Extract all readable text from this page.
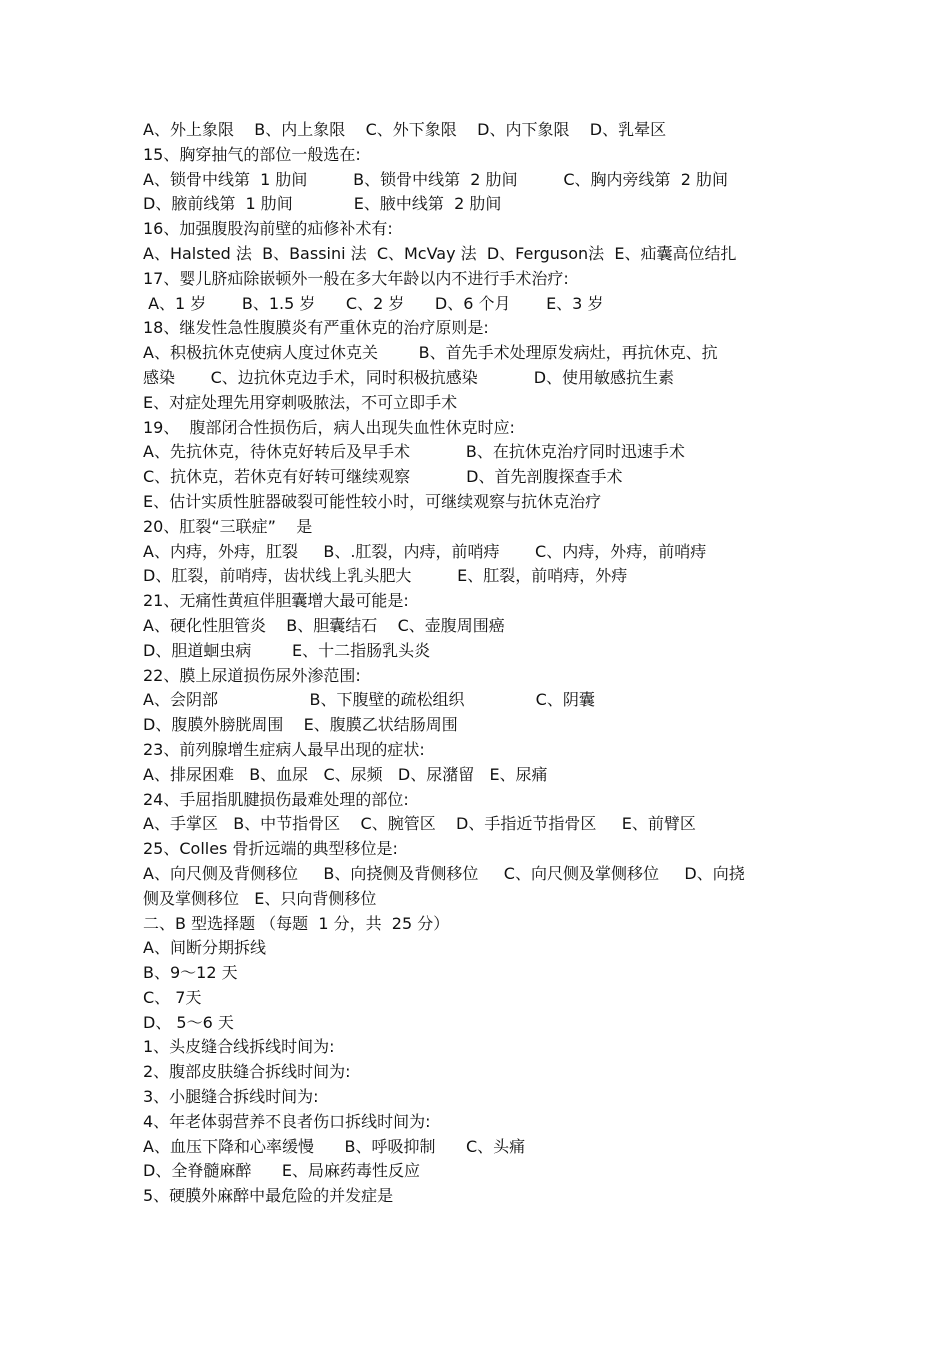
A、外上象限    B、内上象限    C、外下象限    D、内下象限    D、乳晕区
15、胸穿抽气的部位一般选在:
A、锁骨中线第  1 肋间         B、锁骨中线第  2 肋间         C、胸内旁线第  2 肋间
D、腋前线第  1 肋间            E、腋中线第  2 肋间
16、加强腹股沟前壁的疝修补术有:
A、Halsted 法  B、Bassini 法  C、McVay 法  D、Ferguson法  E、疝囊高位结扎
17、婴儿脐疝除嵌顿外一般在多大年龄以内不进行手术治疗:
A、1 岁       B、1.5 岁      C、2 岁      D、6 个月       E、3 岁
18、继发性急性腹膜炎有严重休克的治疗原则是:
A、积极抗休克使病人度过休克关        B、首先手术处理原发病灶，再抗休克、抗
感染       C、边抗休克边手术，同时积极抗感染           D、使用敏感抗生素
E、对症处理先用穿刺吸脓法，不可立即手术
19、  腹部闭合性损伤后，病人出现失血性休克时应:
A、先抗休克，待休克好转后及早手术           B、在抗休克治疗同时迅速手术
C、抗休克，若休克有好转可继续观察           D、首先剖腹探查手术
E、估计实质性脏器破裂可能性较小时，可继续观察与抗休克治疗
20、肛裂“三联症”    是
A、内痔，外痔，肛裂     B、.肛裂，内痔，前哨痔       C、内痔，外痔，前哨痔
D、肛裂，前哨痔，齿状线上乳头肥大         E、肛裂，前哨痔，外痔
21、无痛性黄疸伴胆囊增大最可能是:
A、硬化性胆管炎    B、胆囊结石    C、壶腹周围癌
D、胆道蛔虫病        E、十二指肠乳头炎
22、膜上尿道损伤尿外渗范围:
A、会阴部                  B、下腹壁的疏松组织              C、阴囊
D、腹膜外膀胱周围    E、腹膜乙状结肠周围
23、前列腺增生症病人最早出现的症状:
A、排尿困难   B、血尿   C、尿频   D、尿潴留   E、尿痛
24、手屈指肌腱损伤最难处理的部位:
A、手掌区   B、中节指骨区    C、腕管区    D、手指近节指骨区     E、前臂区
25、Colles 骨折远端的典型移位是:
A、向尺侧及背侧移位     B、向挠侧及背侧移位     C、向尺侧及掌侧移位     D、向挠
侧及掌侧移位   E、只向背侧移位
二、B 型选择题 （每题  1 分，共  25 分）
A、间断分期拆线
B、9～12 天
C、 7天
D、 5～6 天
1、头皮缝合线拆线时间为:
2、腹部皮肤缝合拆线时间为:
3、小腿缝合拆线时间为:
4、年老体弱营养不良者伤口拆线时间为:
A、血压下降和心率缓慢      B、呼吸抑制      C、头痛
D、全脊髓麻醉      E、局麻药毒性反应
5、硬膜外麻醉中最危险的并发症是
